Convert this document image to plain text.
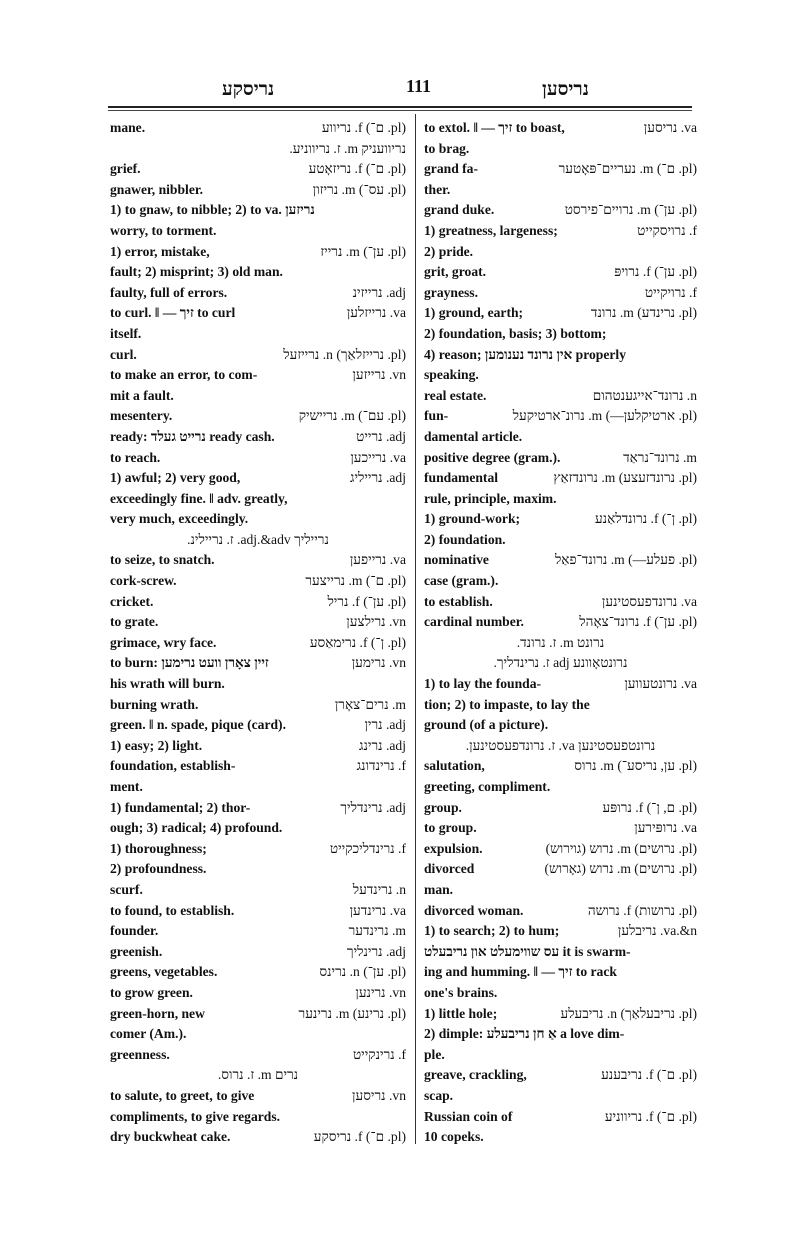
נריסקע	111	נריסען
mane.	(pl. ם־) f. נריווע
נריוועניק m. ז. נריווניע.
grief.	(pl. ם־) f. נריזאָטע
gnawer, nibbler.	(pl. עס־) m. נריזון
1) to gnaw, to nibble; 2) to va. נריזען
worry, to torment.
1) error, mistake,	(pl. ען־) m. נרייז
fault; 2) misprint; 3) old man.
faulty, full of errors.	adj. נרייזינ
to curl. ‖ — זיך to curl	va. נרייזלען
itself.
curl.	(pl. נרייזלאַך) n. נרייזעל
to make an error, to com-	vn. נרייזען
mit a fault.
mesentery.	(pl. עם־) m. נריישיק
ready: נרייט געלד ready cash.	adj. נרייט
to reach.	va. נרייכען
1) awful; 2) very good,	adj. נרייליג
exceedingly fine. ‖ adv. greatly,
very much, exceedingly.
נרייליך adj.&adv. ז. נריילינ.
to seize, to snatch.	va. נרייפען
cork-screw.	(pl. ם־) m. נרייצער
cricket.	(pl. ען־) f. נריל
to grate.	vn. נרילצען
grimace, wry face.	(pl. ן־) f. נרימאַסע
to burn: זיין צאָרן וועט נרימען	vn. נרימען
his wrath will burn.
burning wrath.	m. נרים־צאָרן
green. ‖ n. spade, pique (card).	adj. נרין
1) easy; 2) light.	adj. נרינג
foundation, establish-	f. נרינדונג
ment.
1) fundamental; 2) thor-	adj. נרינדליך
ough; 3) radical; 4) profound.
1) thoroughness;	f. נרינדליכקייט
2) profoundness.
scurf.	n. נרינדעל
to found, to establish.	va. נרינדען
founder.	m. נרינדער
greenish.	adj. נרינליך
greens, vegetables.	(pl. ען־) n. נרינס
to grow green.	vn. נרינען
green-horn, new	(pl. נרינע) m. נרינער
comer (Am.).
greenness.	f. נרינקייט
נרים m. ז. נרוס.
to salute, to greet, to give	vn. נריסען
compliments, to give regards.
dry buckwheat cake.	(pl. ם־) f. נריסקע
to extol. ‖ — זיך to boast,	va. נריסען
to brag.
grand fa-	(pl. ם־) m. נעריים־פּאָטער
ther.
grand duke.	(pl. ען־) m. נרויים־פירסט
1) greatness, largeness;	f. נרויסקייט
2) pride.
grit, groat.	(pl. ען־) f. נרויפּ
grayness.	f. נרויקייט
1) ground, earth;	(pl. נרינדע) m. נרונד
2) foundation, basis; 3) bottom;
4) reason; אין נרונד נענומען properly
speaking.
real estate.	n. נרונד־אייגענטהום
fun-	(pl. ארטיקלען—) m. נרונ־ארטיקעל
damental article.
positive degree (gram.).	m. נרונד־נראַד
fundamental	(pl. נרונדזעצע) m. נרונדזאַץ
rule, principle, maxim.
1) ground-work;	(pl. ן־) f. נרונדלאַנע
2) foundation.
nominative	(pl. פעלע—) m. נרונד־פאַל
case (gram.).
to establish.	va. נרונדפעסטינען
cardinal number.	(pl. ען־) f. נרונד־צאָהל
נרונט m. ז. נרונד.
נרונטאָוונע adj ז. נרינדליך.
1) to lay the founda-	va. נרונטעווען
tion; 2) to impaste, to lay the
ground (of a picture).
נרונטפעסטינען va. ז. נרונדפעסטינען.
salutation,	(pl. ען, נריסע־) m. נרוס
greeting, compliment.
group.	(pl. ם, ן־) f. נרופּע
to group.	va. נרופּירען
expulsion.	(pl. נרושים) m. נרוש (גוירוש)
divorced	(pl. נרושים) m. נרוש (גאָרוש)
man.
divorced woman.	(pl. נרושות) f. נרושה
1) to search; 2) to hum;	va.&n. נריבלען
עס שווימעלט און נריבעלט it is swarm-
ing and humming. ‖ — זיך to rack
one's brains.
1) little hole;	(pl. נריבעלאַך) n. נריבעלע
2) dimple: אַ חן נריבעלע a love dim-
ple.
greave, crackling,	(pl. ם־) f. נריבענע
scap.
Russian coin of	(pl. ם־) f. נריווניע
10 copeks.
